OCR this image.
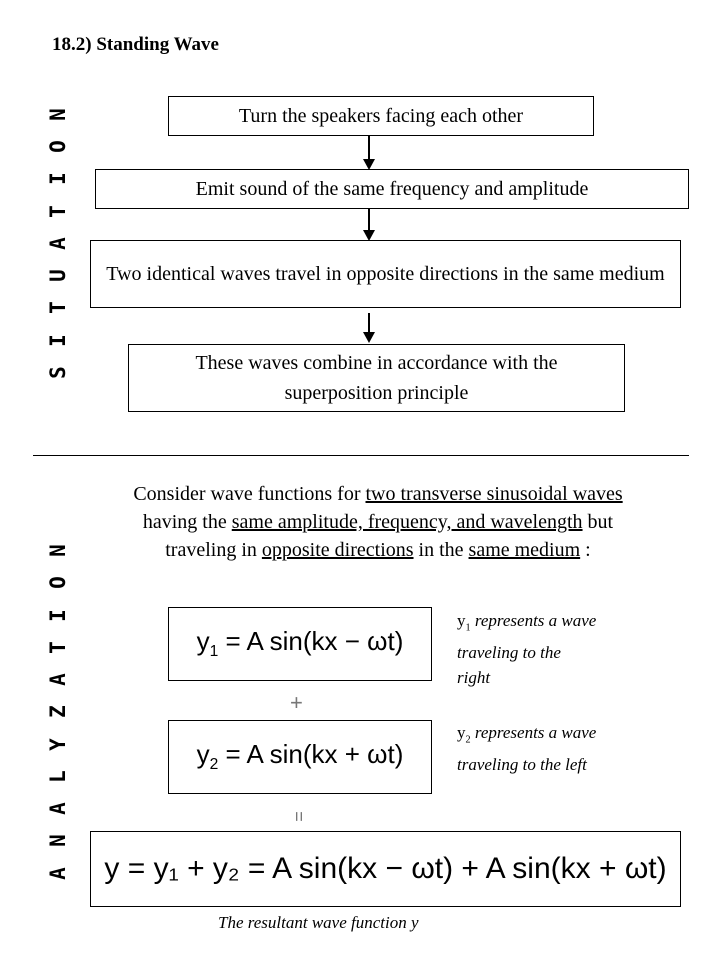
18.2) Standing Wave
N
O
I
T
A
U
T
I
S
N
O
I
T
A
Z
Y
L
A
N
A
Turn the speakers facing each other
Emit sound of the same frequency and amplitude
Two identical waves travel in opposite directions in the same medium
These waves combine in accordance with the superposition principle
Consider wave functions for two transverse sinusoidal waves having the same amplitude, frequency, and wavelength but traveling in opposite directions in the same medium :
$y_1 = A$ sin(kx − ωt)
$y_1$ represents a wave traveling to the right
+
$y_2 = A$ sin(kx + ωt)
$y_2$ represents a wave traveling to the left
=
y = y₁ + y₂ = A sin(kx − ωt) + A sin(kx + ωt)
The resultant wave function y
